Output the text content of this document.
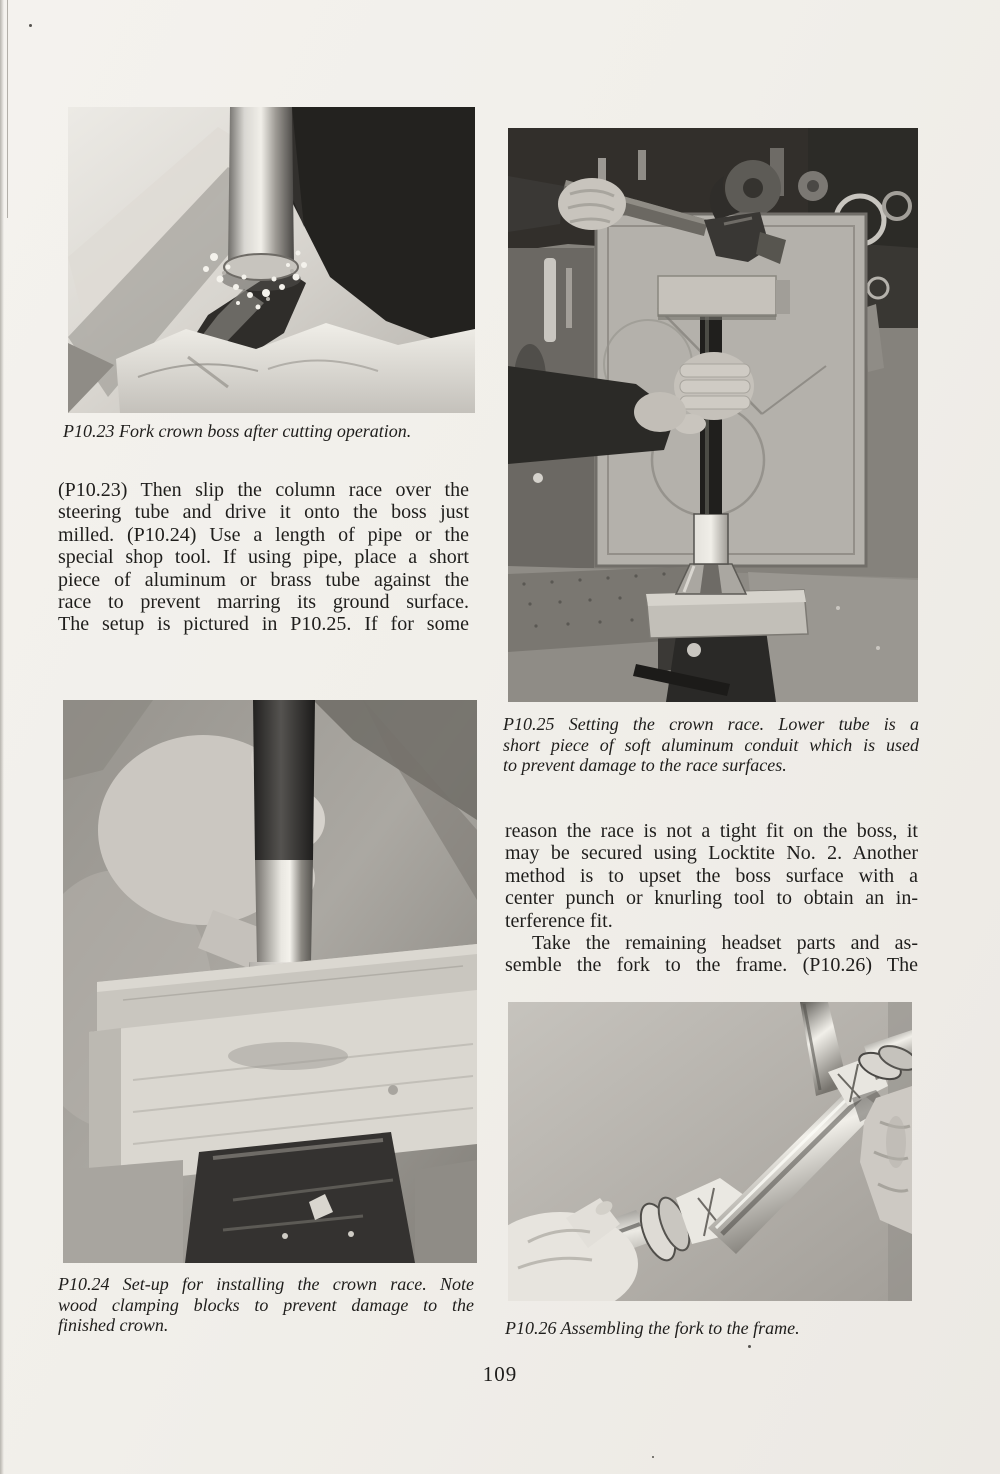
P10.23 Fork crown boss after cutting operation.
(P10.23) Then slip the column race over the
steering tube and drive it onto the boss just
milled. (P10.24) Use a length of pipe or the
special shop tool. If using pipe, place a short
piece of aluminum or brass tube against the
race to prevent marring its ground surface.
The setup is pictured in P10.25. If for some
P10.25 Setting the crown race. Lower tube is a
short piece of soft aluminum conduit which is used
to prevent damage to the race surfaces.
reason the race is not a tight fit on the boss, it
may be secured using Locktite No. 2. Another
method is to upset the boss surface with a
center punch or knurling tool to obtain an in-
terference fit.
Take the remaining headset parts and as-
semble the fork to the frame. (P10.26) The
P10.24 Set-up for installing the crown race. Note
wood clamping blocks to prevent damage to the
finished crown.	P10.26 Assembling the fork to the frame.
109
